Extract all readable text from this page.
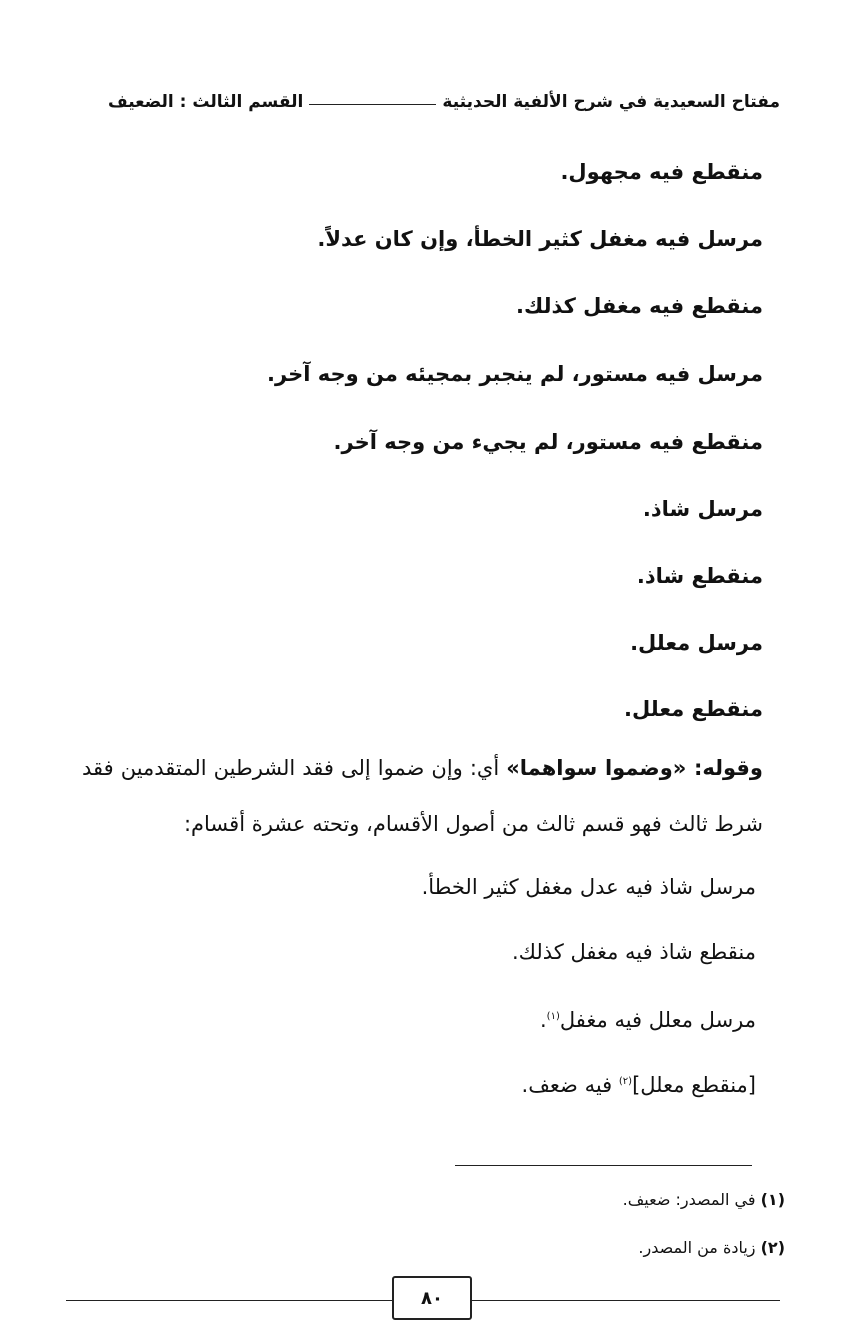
مفتاح السعيدية في شرح الألفية الحديثية
القسم الثالث : الضعيف
منقطع فيه مجهول.
مرسل فيه مغفل كثير الخطأ، وإن كان عدلاً.
منقطع فيه مغفل كذلك.
مرسل فيه مستور، لم ينجبر بمجيئه من وجه آخر.
منقطع فيه مستور، لم يجيء من وجه آخر.
مرسل شاذ.
منقطع شاذ.
مرسل معلل.
منقطع معلل.
وقوله: «وضموا سواهما» أي: وإن ضموا إلى فقد الشرطين المتقدمين فقد
شرط ثالث فهو قسم ثالث من أصول الأقسام، وتحته عشرة أقسام:
مرسل شاذ فيه عدل مغفل كثير الخطأ.
منقطع شاذ فيه مغفل كذلك.
مرسل معلل فيه مغفل$^{(١)}$.
[منقطع معلل]$^{(٢)}$ فيه ضعف.
(١) في المصدر: ضعيف.
(٢) زيادة من المصدر.
٨٠
